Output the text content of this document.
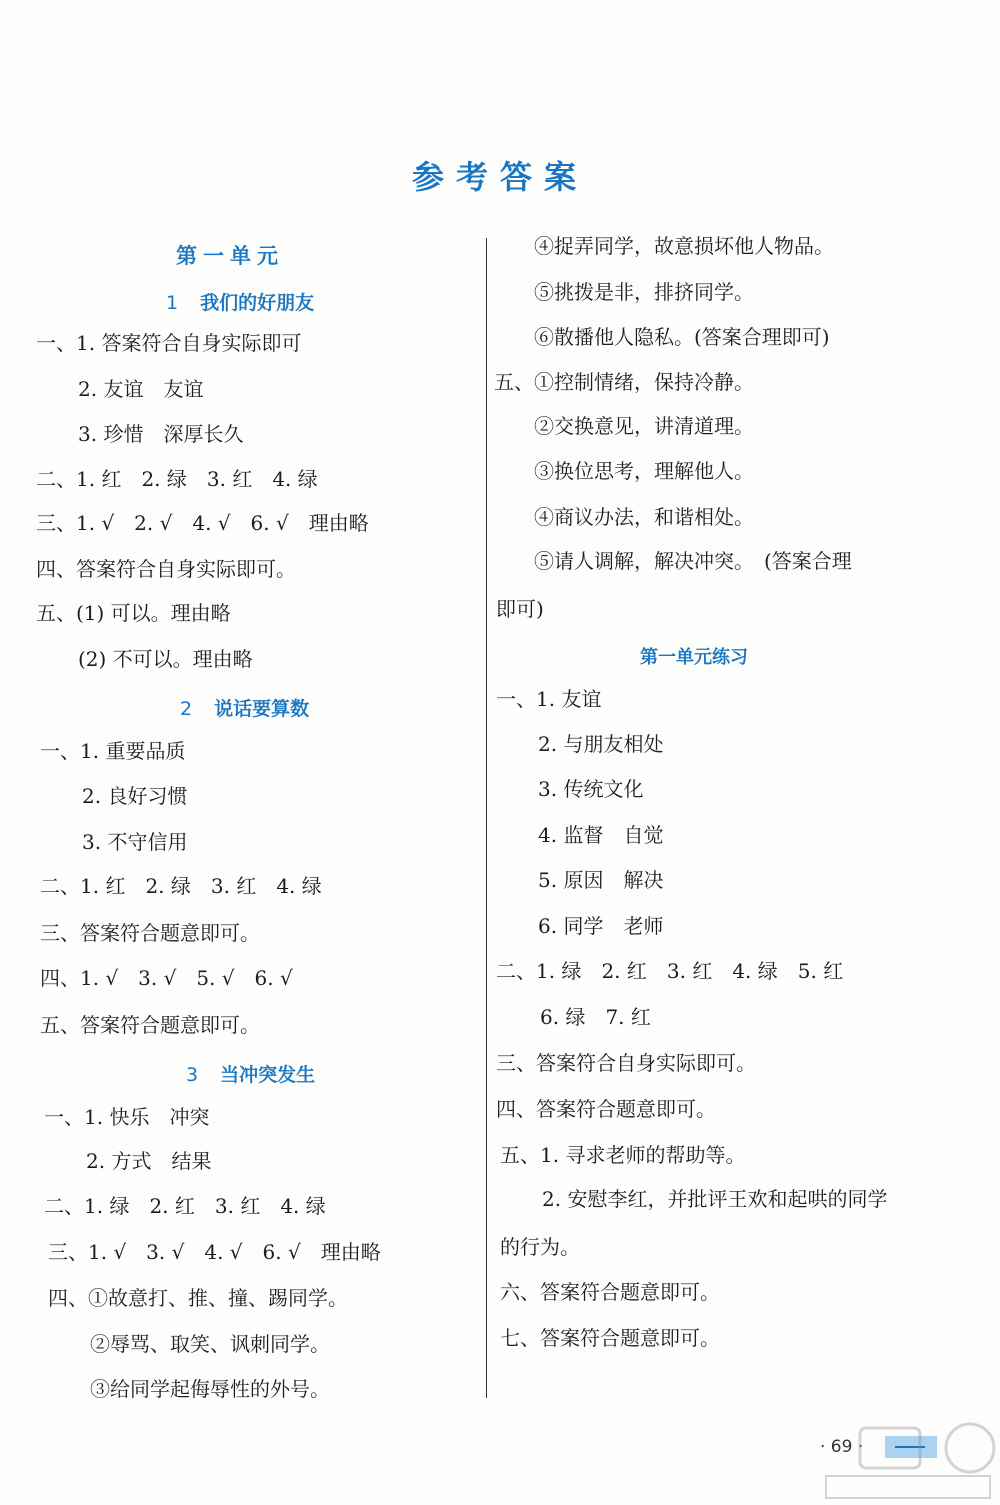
参考答案
第一单元
1 我们的好朋友
一、1. 答案符合自身实际即可
2. 友谊　友谊
3. 珍惜　深厚长久
二、1. 红　2. 绿　3. 红　4. 绿
三、1. √　2. √　4. √　6. √　理由略
四、答案符合自身实际即可。
五、(1) 可以。理由略
(2) 不可以。理由略
2 说话要算数
一、1. 重要品质
2. 良好习惯
3. 不守信用
二、1. 红　2. 绿　3. 红　4. 绿
三、答案符合题意即可。
四、1. √　3. √　5. √　6. √
五、答案符合题意即可。
3 当冲突发生
一、1. 快乐　冲突
2. 方式　结果
二、1. 绿　2. 红　3. 红　4. 绿
三、1. √　3. √　4. √　6. √　理由略
四、①故意打、推、撞、踢同学。
②辱骂、取笑、讽刺同学。
③给同学起侮辱性的外号。
④捉弄同学，故意损坏他人物品。
⑤挑拨是非，排挤同学。
⑥散播他人隐私。(答案合理即可)
五、①控制情绪，保持冷静。
②交换意见，讲清道理。
③换位思考，理解他人。
④商议办法，和谐相处。
⑤请人调解，解决冲突。　(答案合理
即可)
第一单元练习
一、1. 友谊
2. 与朋友相处
3. 传统文化
4. 监督　自觉
5. 原因　解决
6. 同学　老师
二、1. 绿　2. 红　3. 红　4. 绿　5. 红
6. 绿　7. 红
三、答案符合自身实际即可。
四、答案符合题意即可。
五、1. 寻求老师的帮助等。
2. 安慰李红，并批评王欢和起哄的同学
的行为。
六、答案符合题意即可。
七、答案符合题意即可。
· 69 ·
